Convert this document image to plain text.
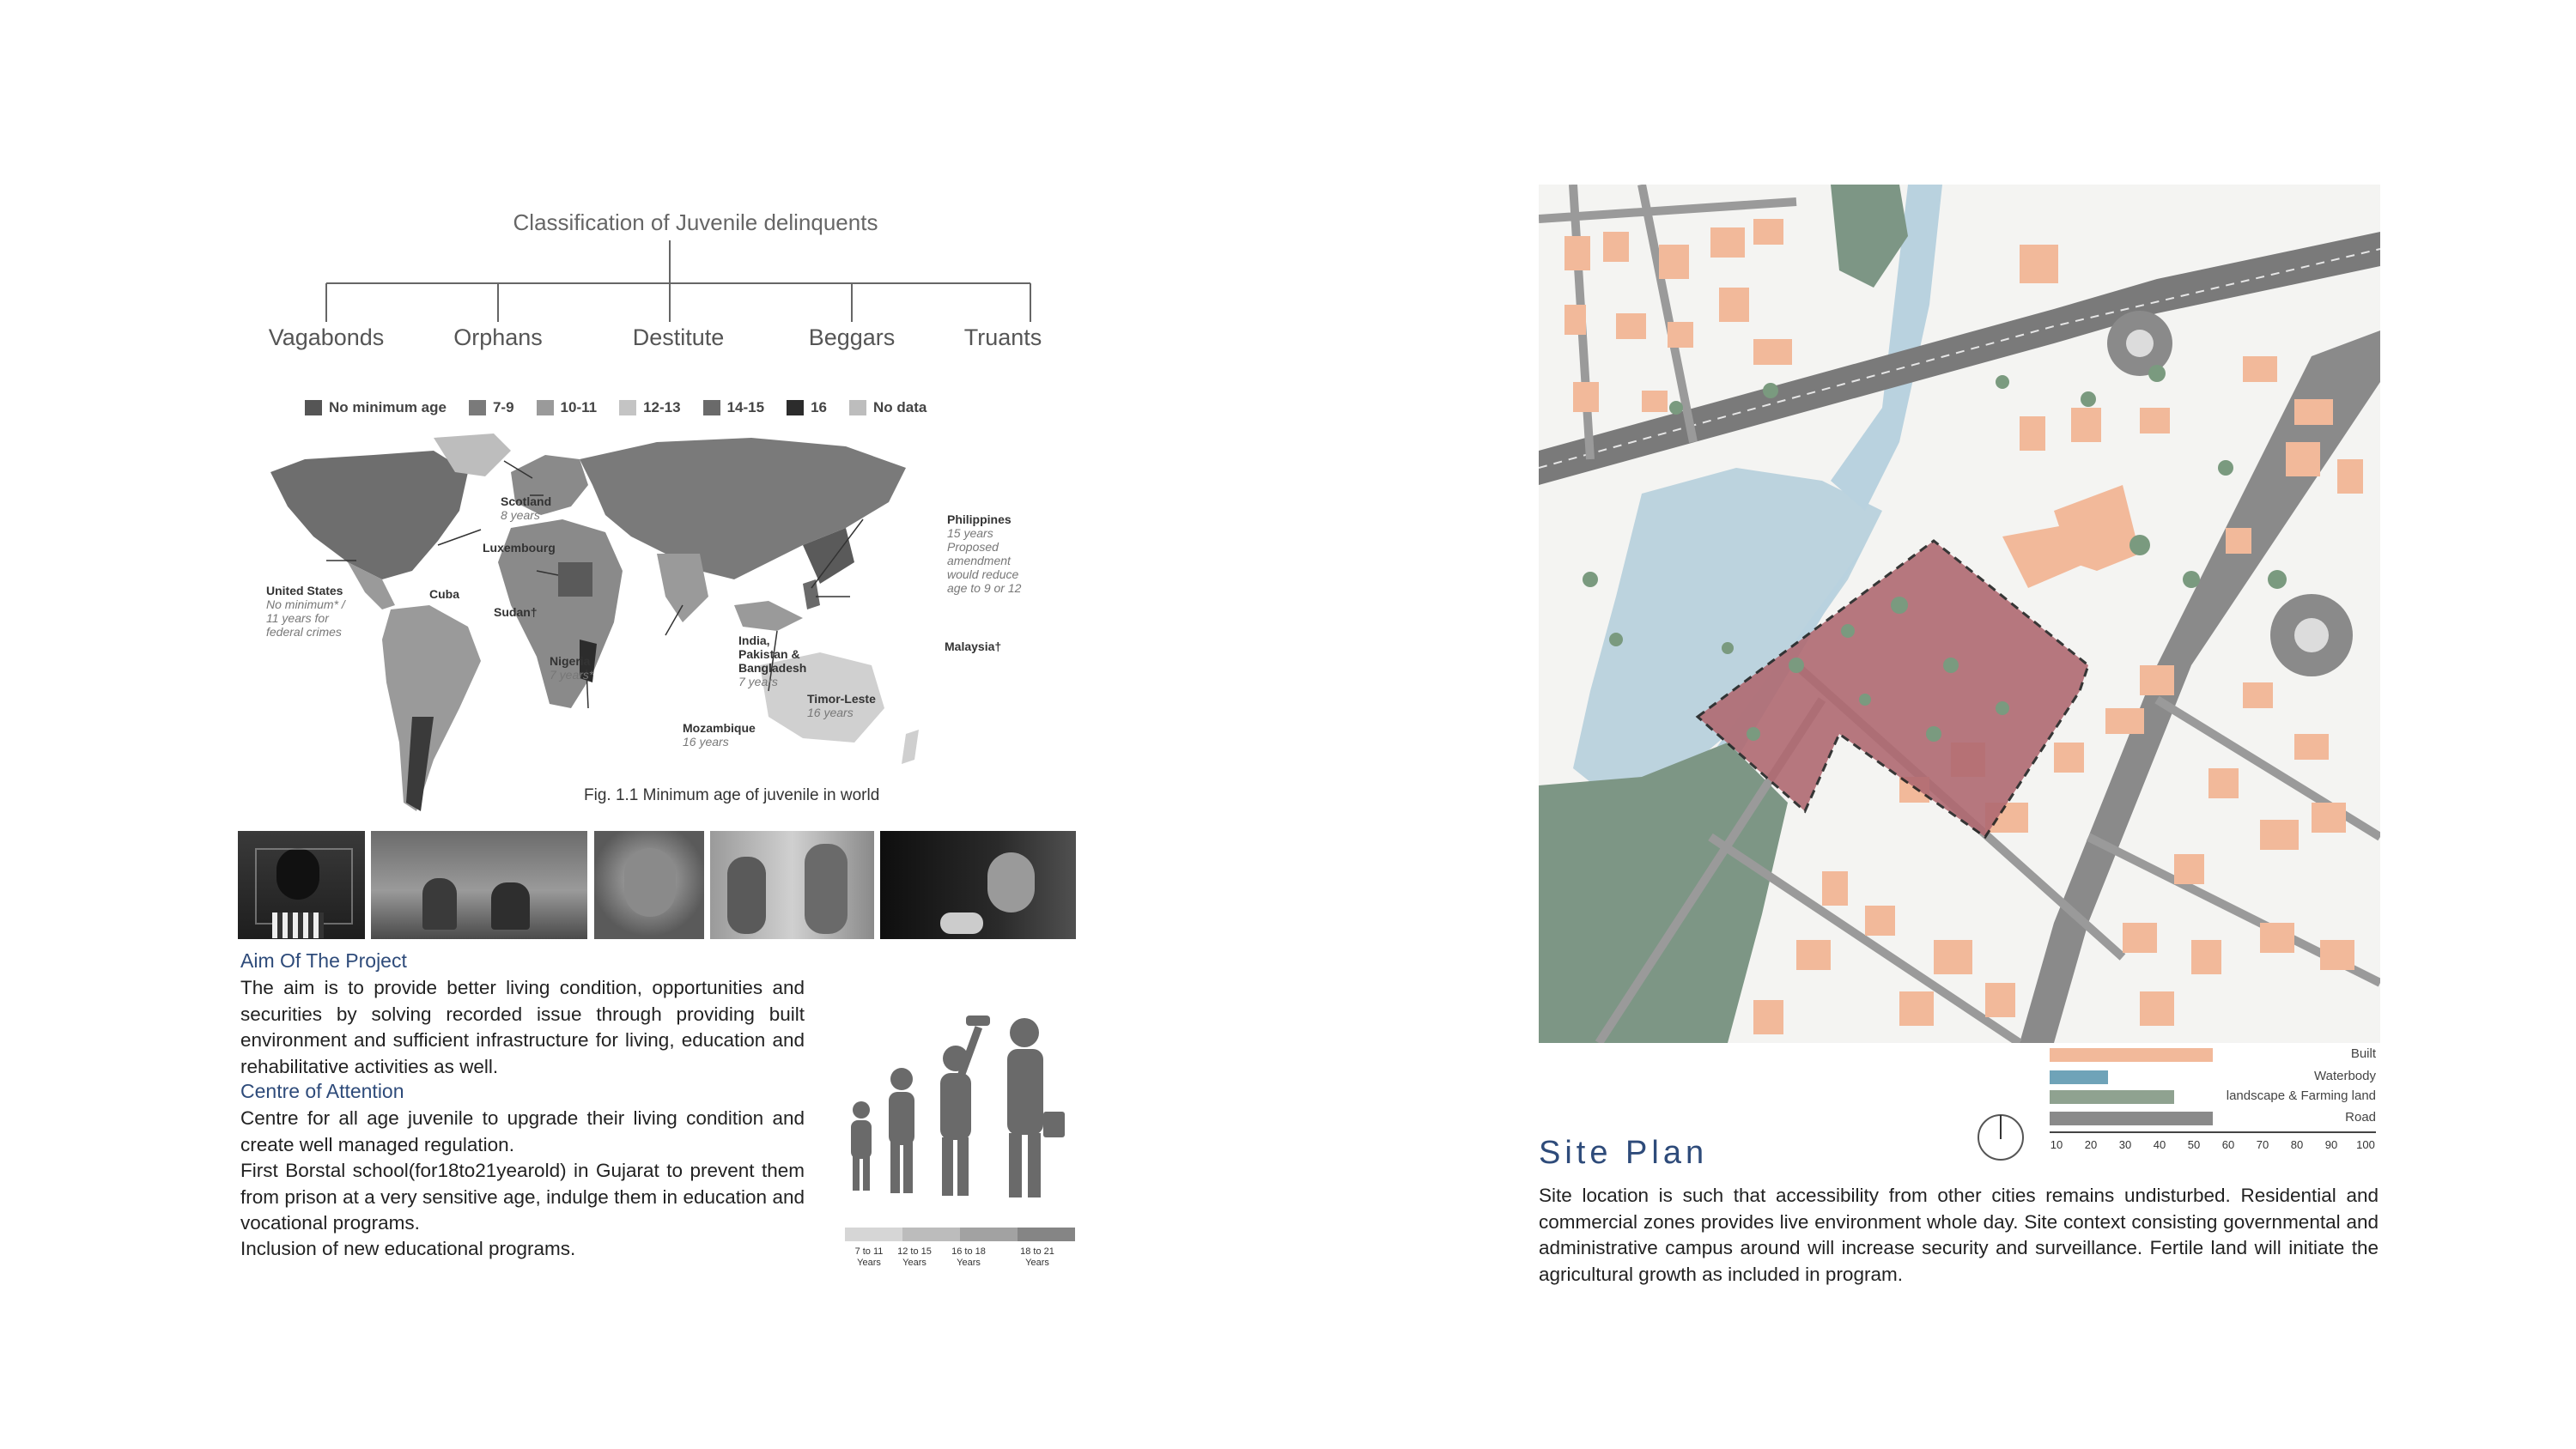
Classification of Juvenile delinquents
Vagabonds	Orphans	Destitute	Beggars	Truants
No minimum age	7-9	10-11	12-13	14-15	16	No data
Scotland
8 years
Luxembourg
Cuba
United States
No minimum* / 11 years for federal crimes
Sudan†
Nigeria
7 years*
India, Pakistan & Bangladesh
7 years
Mozambique
16 years
Timor-Leste
16 years
Malaysia†
Philippines
15 years Proposed amendment would reduce age to 9 or 12
Fig. 1.1 Minimum age of juvenile in world
Aim Of The Project
The aim is to provide better living condition, opportunities and securities by solving recorded issue through providing built environment and sufficient infrastructure for living, education and rehabilitative activities as well.
Centre of Attention
Centre for all age juvenile to upgrade their living condition and create well managed regulation.
First Borstal school(for18to21yearold) in Gujarat to prevent them from prison at a very sensitive age, indulge them in education and vocational programs.
Inclusion of new educational programs.	7 to 11 Years
12 to 15 Years
16 to 18 Years
18 to 21 Years
Built
Waterbody
landscape & Farming land
Road
10	20	30	40	50	60	70	80	90	100
Site Plan
Site location is such that accessibility from other cities remains undisturbed. Residential and commercial zones provides live environment whole day. Site context consisting governmental and administrative campus around will increase security and surveillance. Fertile land will initiate the agricultural growth as included in program.
